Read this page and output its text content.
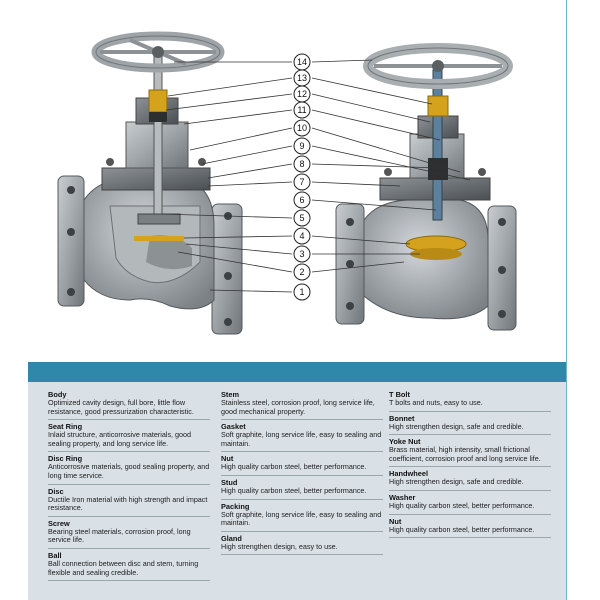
14
13
12
11
10
9
8
7
6
5
4
3
2
1
Body
Optimized cavity design, full bore, little flow resistance, good pressurization characteristic.
Seat Ring
Inlaid structure, anticorrosive materials, good sealing property, and long service life.
Disc Ring
Anticorrosive materials, good sealing property, and long time service.
Disc
Ductile Iron material with high strength and impact resistance.
Screw
Bearing steel materials, corrosion proof, long service life.
Ball
Ball connection between disc and stem, turning flexible and sealing credible.
Stem
Stainless steel, corrosion proof, long service life, good mechanical property.
Gasket
Soft graphite, long service life, easy to sealing and maintain.
Nut
High quality carbon steel, better performance.
Stud
High quality carbon steel, better performance.
Packing
Soft graphite, long service life, easy to sealing and maintain.
Gland
High strengthen design, easy to use.
T Bolt
T bolts and nuts, easy to use.
Bonnet
High strengthen design, safe and credible.
Yoke Nut
Brass material, high intensity, small frictional coefficient, corrosion proof and long service life.
Handwheel
High strengthen design, safe and credible.
Washer
High quality carbon steel, better performance.
Nut
High quality carbon steel, better performance.
